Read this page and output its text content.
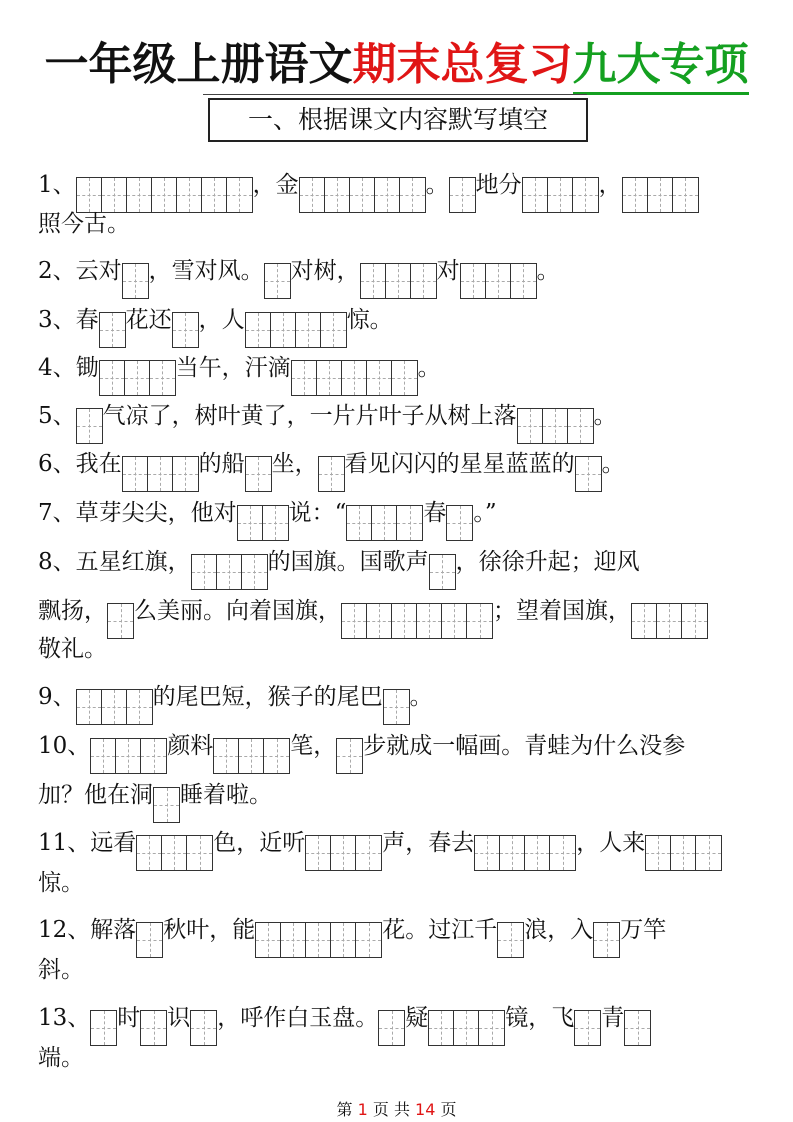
一年级上册语文期末总复习九大专项
一、根据课文内容默写填空
1、	，金	。 地分	，
照今古。
2、云对 ，雪对风。 对树，	对	。
3、春 花还 ，人	惊。
4、锄	当午，汗滴	。
5、 气凉了，树叶黄了，一片片叶子从树上落	。
6、我在	的船 坐， 看见闪闪的星星蓝蓝的 。
7、草芽尖尖，他对 说：“	春 。”
8、五星红旗，	的国旗。国歌声 ，徐徐升起；迎风
飘扬， 么美丽。向着国旗，	；望着国旗，
敬礼。
9、	的尾巴短，猴子的尾巴 。
10、	颜料	笔， 步就成一幅画。青蛙为什么没参
加？他在洞 睡着啦。
11、远看	色，近听	声，春去	，人来
惊。
12、解落 秋叶，能	花。过江千 浪，入 万竿
斜。
13、 时 识 ，呼作白玉盘。 疑	镜，飞 青
端。
第 1 页 共 14 页
